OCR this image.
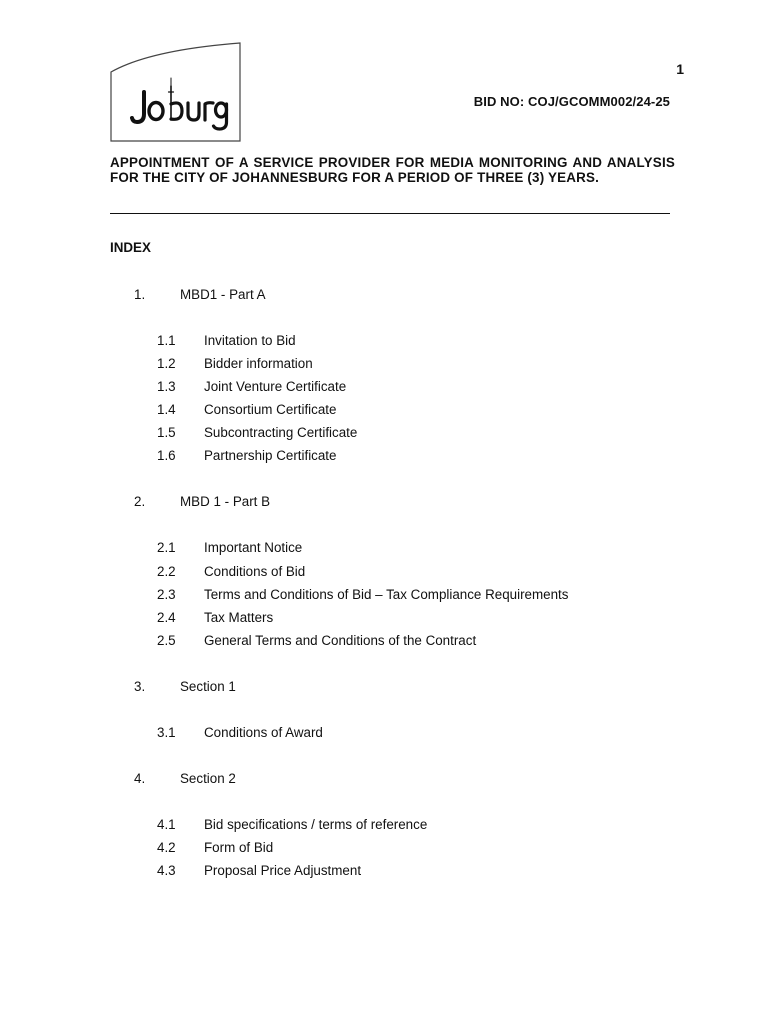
1
BID NO: COJ/GCOMM002/24-25
APPOINTMENT OF A SERVICE PROVIDER FOR MEDIA MONITORING AND ANALYSIS FOR THE CITY OF JOHANNESBURG FOR A PERIOD OF THREE (3) YEARS.
INDEX
1.	MBD1 - Part A
1.1 Invitation to Bid
1.2 Bidder information
1.3 Joint Venture Certificate
1.4 Consortium Certificate
1.5 Subcontracting Certificate
1.6 Partnership Certificate
2.	MBD 1 - Part B
2.1 Important Notice
2.2 Conditions of Bid
2.3 Terms and Conditions of Bid – Tax Compliance Requirements
2.4 Tax Matters
2.5 General Terms and Conditions of the Contract
3.	Section 1
3.1 Conditions of Award
4.	Section 2
4.1 Bid specifications / terms of reference
4.2 Form of Bid
4.3 Proposal Price Adjustment
